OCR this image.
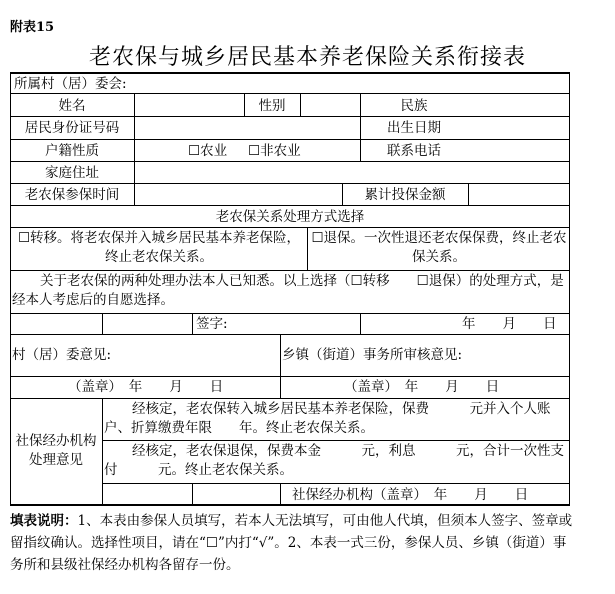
附表15
老农保与城乡居民基本养老保险关系衔接表
所属村（居）委会:
姓名	性别	民族
居民身份证号码	出生日期
户籍性质	☐农业 ☐非农业	联系电话
家庭住址
老农保参保时间	累计投保金额
老农保关系处理方式选择
☐转移。将老农保并入城乡居民基本养老保险，终止老农保关系。
☐退保。一次性退还老农保保费，终止老农保关系。
关于老农保的两种处理办法本人已知悉。以上选择（☐转移　　☐退保）的处理方式，是经本人考虑后的自愿选择。
签字:	年　　月　　日
村（居）委意见:	乡镇（街道）事务所审核意见:
（盖章）　年　　月　　日	（盖章）　年　　月　　日
社保经办机构处理意见
经核定，老农保转入城乡居民基本养老保险，保费　　　元并入个人账户、折算缴费年限　　年。终止老农保关系。
经核定，老农保退保，保费本金　　　元，利息　　　元，合计一次性支付　　　元。终止老农保关系。
社保经办机构（盖章）　年　　月　　日
填表说明：1、本表由参保人员填写，若本人无法填写，可由他人代填，但须本人签字、签章或留指纹确认。选择性项目，请在“☐”内打“√”。2、本表一式三份，参保人员、乡镇（街道）事务所和县级社保经办机构各留存一份。
